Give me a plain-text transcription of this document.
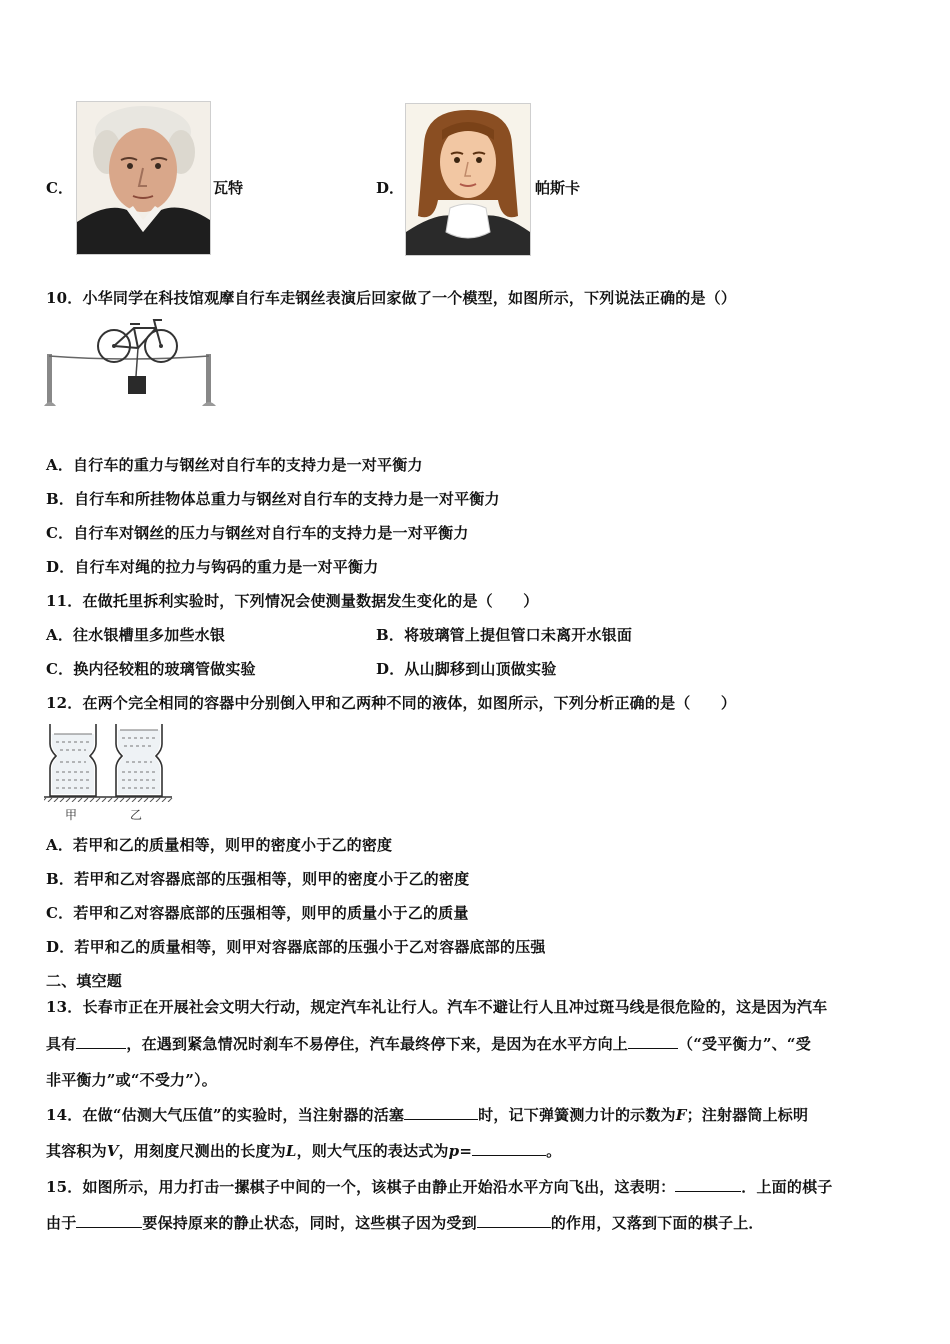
C．	瓦特	D．	帕斯卡
10．小华同学在科技馆观摩自行车走钢丝表演后回家做了一个模型，如图所示，下列说法正确的是（）
A．自行车的重力与钢丝对自行车的支持力是一对平衡力
B．自行车和所挂物体总重力与钢丝对自行车的支持力是一对平衡力
C．自行车对钢丝的压力与钢丝对自行车的支持力是一对平衡力
D．自行车对绳的拉力与钩码的重力是一对平衡力
11．在做托里拆利实验时，下列情况会使测量数据发生变化的是（　　）
A．往水银槽里多加些水银	B．将玻璃管上提但管口未离开水银面
C．换内径较粗的玻璃管做实验	D．从山脚移到山顶做实验
12．在两个完全相同的容器中分别倒入甲和乙两种不同的液体，如图所示，下列分析正确的是（　　）
甲	乙
A．若甲和乙的质量相等，则甲的密度小于乙的密度
B．若甲和乙对容器底部的压强相等，则甲的密度小于乙的密度
C．若甲和乙对容器底部的压强相等，则甲的质量小于乙的质量
D．若甲和乙的质量相等，则甲对容器底部的压强小于乙对容器底部的压强
二、填空题
13．长春市正在开展社会文明大行动，规定汽车礼让行人。汽车不避让行人且冲过斑马线是很危险的，这是因为汽车
具有	，在遇到紧急情况时刹车不易停住，汽车最终停下来，是因为在水平方向上	（“受平衡力”、“受
非平衡力”或“不受力”）。
14．在做“估测大气压值”的实验时，当注射器的活塞	时，记下弹簧测力计的示数为F；注射器筒上标明
其容积为V，用刻度尺测出的长度为L，则大气压的表达式为p=	。
15．如图所示，用力打击一摞棋子中间的一个，该棋子由静止开始沿水平方向飞出，这表明：	．上面的棋子
由于	要保持原来的静止状态，同时，这些棋子因为受到	的作用，又落到下面的棋子上．
